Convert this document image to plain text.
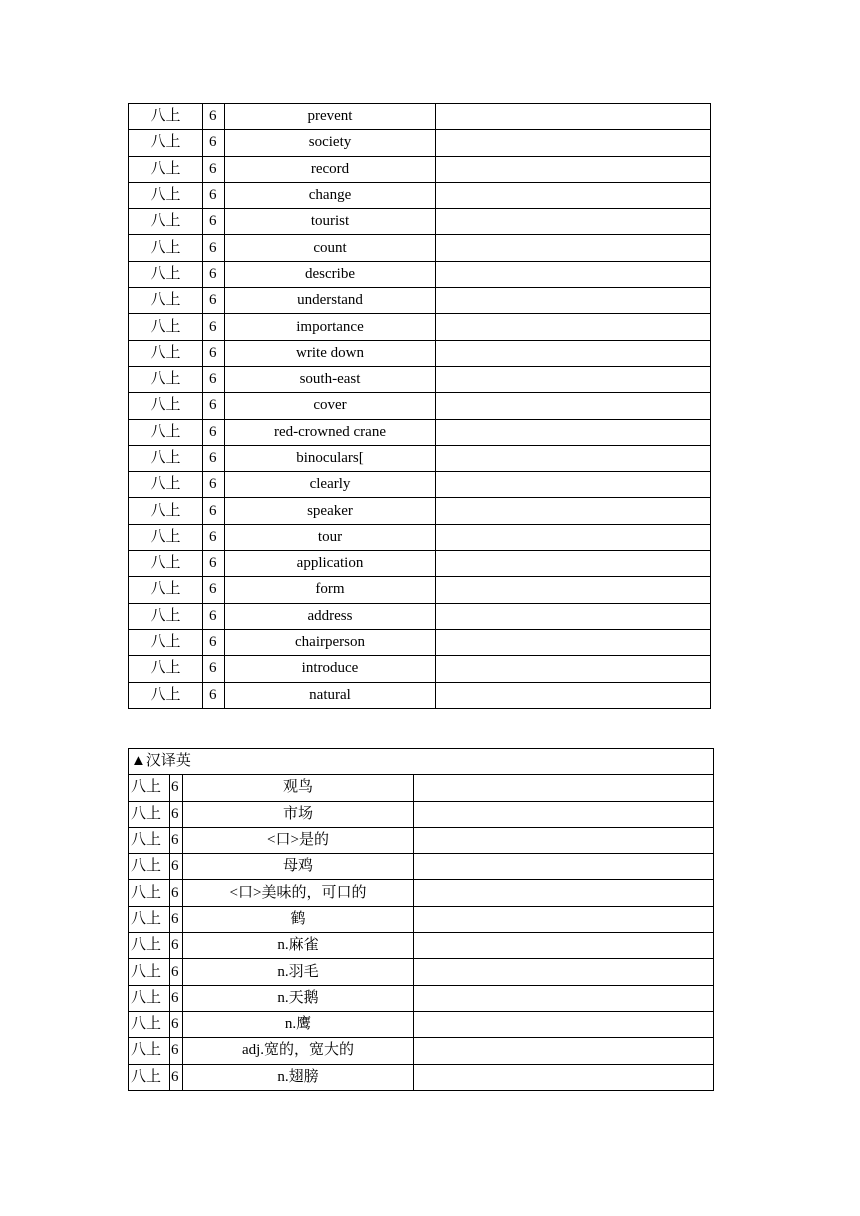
八上	6	prevent	
八上	6	society	
八上	6	record	
八上	6	change	
八上	6	tourist	
八上	6	count	
八上	6	describe	
八上	6	understand	
八上	6	importance	
八上	6	write down	
八上	6	south-east	
八上	6	cover	
八上	6	red-crowned crane	
八上	6	binoculars[	
八上	6	clearly	
八上	6	speaker	
八上	6	tour	
八上	6	application	
八上	6	form	
八上	6	address	
八上	6	chairperson	
八上	6	introduce	
八上	6	natural	
▲汉译英			
八上	6	观鸟	
八上	6	市场	
八上	6	<口>是的	
八上	6	母鸡	
八上	6	<口>美味的，可口的	
八上	6	鹤	
八上	6	n.麻雀	
八上	6	n.羽毛	
八上	6	n.天鹅	
八上	6	n.鹰	
八上	6	adj.宽的，宽大的	
八上	6	n.翅膀	
